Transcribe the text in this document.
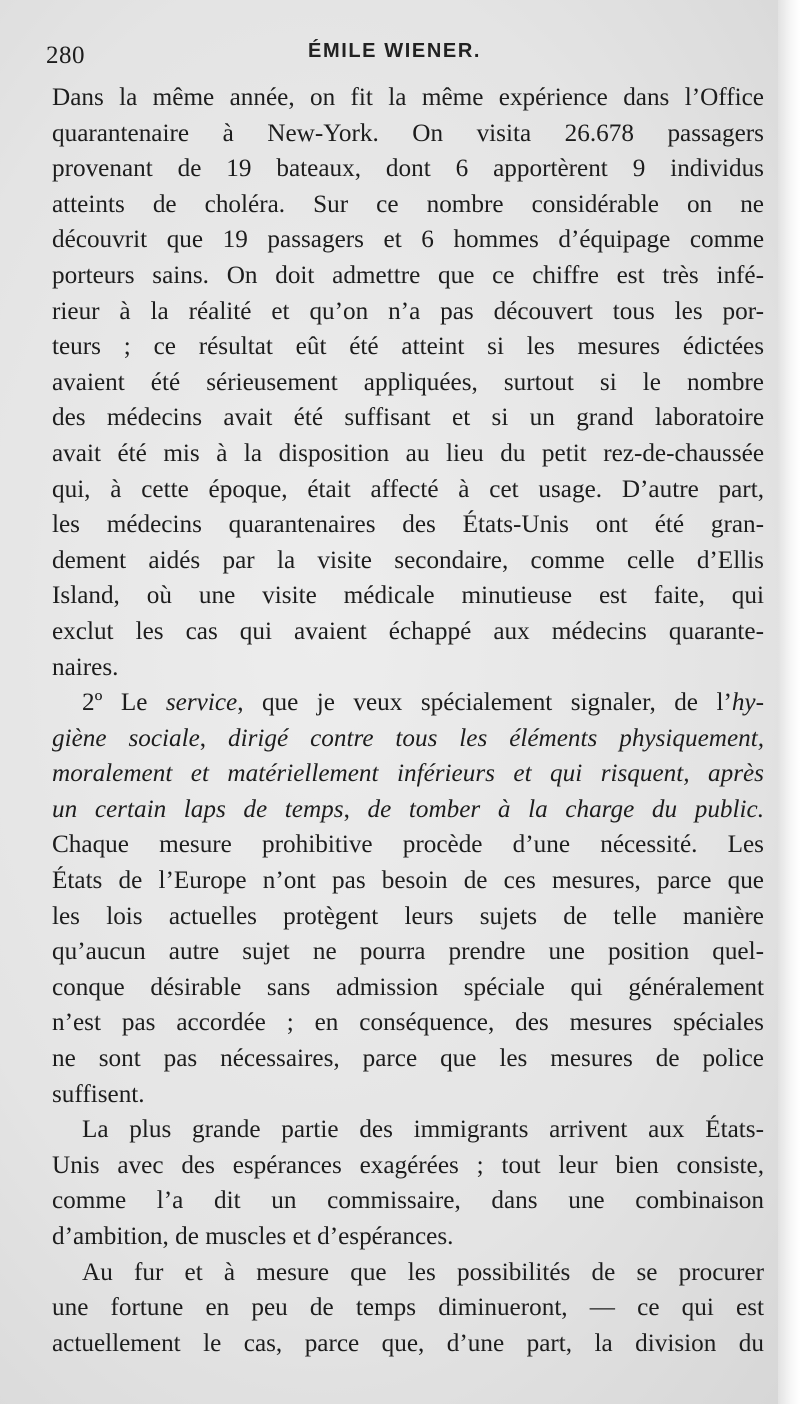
280	ÉMILE WIENER.
Dans la même année, on fit la même expérience dans l’Office
quarantenaire à New-York. On visita 26.678 passagers
provenant de 19 bateaux, dont 6 apportèrent 9 individus
atteints de choléra. Sur ce nombre considérable on ne
découvrit que 19 passagers et 6 hommes d’équipage comme
porteurs sains. On doit admettre que ce chiffre est très infé-
rieur à la réalité et qu’on n’a pas découvert tous les por-
teurs ; ce résultat eût été atteint si les mesures édictées
avaient été sérieusement appliquées, surtout si le nombre
des médecins avait été suffisant et si un grand laboratoire
avait été mis à la disposition au lieu du petit rez-de-chaussée
qui, à cette époque, était affecté à cet usage. D’autre part,
les médecins quarantenaires des États-Unis ont été gran-
dement aidés par la visite secondaire, comme celle d’Ellis
Island, où une visite médicale minutieuse est faite, qui
exclut les cas qui avaient échappé aux médecins quarante-
naires.
2º Le service, que je veux spécialement signaler, de l’hy-
giène sociale, dirigé contre tous les éléments physiquement,
moralement et matériellement inférieurs et qui risquent, après
un certain laps de temps, de tomber à la charge du public.
Chaque mesure prohibitive procède d’une nécessité. Les
États de l’Europe n’ont pas besoin de ces mesures, parce que
les lois actuelles protègent leurs sujets de telle manière
qu’aucun autre sujet ne pourra prendre une position quel-
conque désirable sans admission spéciale qui généralement
n’est pas accordée ; en conséquence, des mesures spéciales
ne sont pas nécessaires, parce que les mesures de police
suffisent.
La plus grande partie des immigrants arrivent aux États-
Unis avec des espérances exagérées ; tout leur bien consiste,
comme l’a dit un commissaire, dans une combinaison
d’ambition, de muscles et d’espérances.
Au fur et à mesure que les possibilités de se procurer
une fortune en peu de temps diminueront, — ce qui est
actuellement le cas, parce que, d’une part, la division du
